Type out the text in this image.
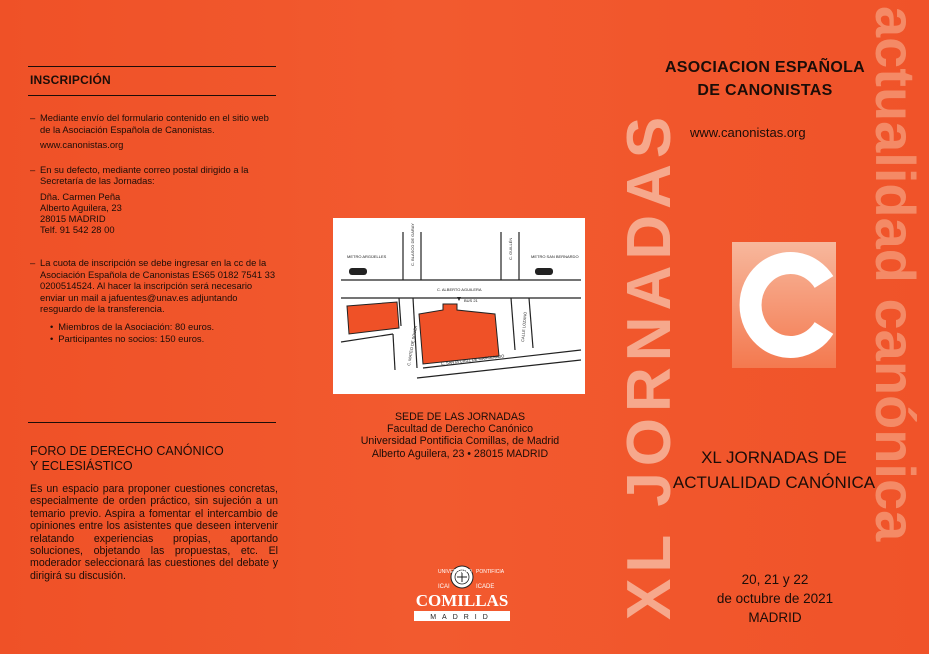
INSCRIPCIÓN
– Mediante envío del formulario contenido en el sitio web de la Asociación Española de Canonistas.
www.canonistas.org
– En su defecto, mediante correo postal dirigido a la Secretaría de las Jornadas:
Dña. Carmen Peña
Alberto Aguilera, 23
28015 MADRID
Telf. 91 542 28 00
– La cuota de inscripción se debe ingresar en la cc de la Asociación Española de Canonistas ES65 0182 7541 33 0200514524. Al hacer la inscripción será necesario enviar un mail a jafuentes@unav.es adjuntando resguardo de la transferencia.
• Miembros de la Asociación: 80 euros.
• Participantes no socios: 150 euros.
FORO DE DERECHO CANÓNICO
Y ECLESIÁSTICO
Es un espacio para proponer cuestiones concretas, especialmente de orden práctico, sin sujeción a un temario previo. Aspira a fomentar el intercambio de opiniones entre los asistentes que deseen intervenir relatando experiencias propias, aportando soluciones, objetando las propuestas, etc. El moderador seleccionará las cuestiones del debate y dirigirá su discusión.
METRO ARGÜELLES	METRO SAN BERNARDO
C. ALBERTO AGUILERA
BUS 21
C. BLASCO DE GARAY	C. GUILLÉN
C. MATEO DE SOUZA	CALLE LOZANO
C. SANTA CRUZ DE MARCENADO
SEDE DE LAS JORNADAS
Facultad de Derecho Canónico
Universidad Pontificia Comillas, de Madrid
Alberto Aguilera, 23 • 28015 MADRID
UNIVERSIDAD PONTIFICIA
ICAI	ICADE
COMILLAS
MADRID XL JORNADAS
ASOCIACION ESPAÑOLA
DE CANONISTAS
www.canonistas.org
XL JORNADAS DE
ACTUALIDAD CANÓNICA
20, 21 y 22
de octubre de 2021
MADRID
actualidad canónica
